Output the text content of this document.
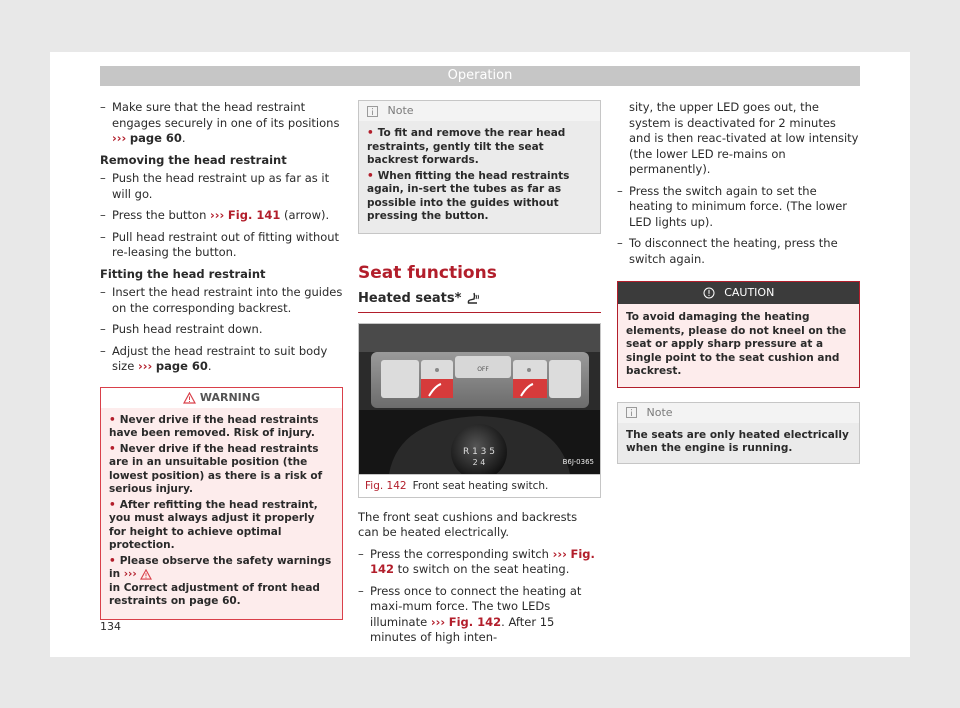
Operation
– Make sure that the head restraint engages securely in one of its positions ››› page 60.
Removing the head restraint
– Push the head restraint up as far as it will go.
– Press the button ››› Fig. 141 (arrow).
– Pull head restraint out of fitting without re-leasing the button.
Fitting the head restraint
– Insert the head restraint into the guides on the corresponding backrest.
– Push head restraint down.
– Adjust the head restraint to suit body size ››› page 60.
WARNING
• Never drive if the head restraints have been removed. Risk of injury.
• Never drive if the head restraints are in an unsuitable position (the lowest position) as there is a risk of serious injury.
• After refitting the head restraint, you must always adjust it properly for height to achieve optimal protection.
• Please observe the safety warnings in ›››
in Correct adjustment of front head restraints on page 60.
Note
• To fit and remove the rear head restraints, gently tilt the seat backrest forwards.
• When fitting the head restraints again, in-sert the tubes as far as possible into the guides without pressing the button.
Seat functions
Heated seats*
OFF
R 1 3 5
2 4	B6J-0365
Fig. 142 Front seat heating switch.
The front seat cushions and backrests can be heated electrically.
– Press the corresponding switch ››› Fig. 142 to switch on the seat heating.
– Press once to connect the heating at maxi-mum force. The two LEDs illuminate ››› Fig. 142. After 15 minutes of high inten-
sity, the upper LED goes out, the system is deactivated for 2 minutes and is then reac-tivated at low intensity (the lower LED re-mains on permanently).
– Press the switch again to set the heating to minimum force. (The lower LED lights up).
– To disconnect the heating, press the switch again.
CAUTION
To avoid damaging the heating elements, please do not kneel on the seat or apply sharp pressure at a single point to the seat cushion and backrest.
Note
The seats are only heated electrically when the engine is running.
134
